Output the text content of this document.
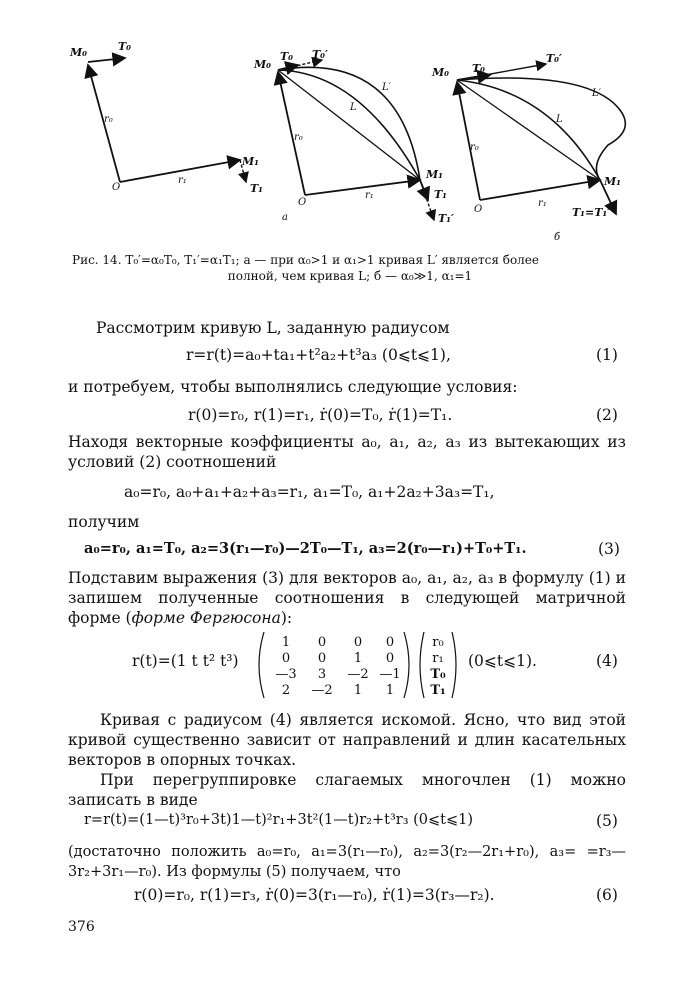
M₀	T₀
r₀
O
r₁
M₁
T₁
M₀
T₀ T₀′
L′
L
r₀
O
r₁
M₁
T₁
T₁′
а
M₀ T₀
T₀′
L′
L
r₀
O
r₁
M₁
T₁=T₁′
б
Рис. 14. T₀′=α₀T₀, T₁′=α₁T₁; а — при α₀>1 и α₁>1 кривая L′ является более
полной, чем кривая L; б — α₀≫1, α₁=1
Рассмотрим кривую L, заданную радиусом
r=r(t)=a₀+ta₁+t²a₂+t³a₃ (0⩽t⩽1),	(1)
и потребуем, чтобы выполнялись следующие условия:
r(0)=r₀, r(1)=r₁, ṙ(0)=T₀, ṙ(1)=T₁.	(2)
Находя векторные коэффициенты a₀, a₁, a₂, a₃ из вытекающих из условий (2) соотношений
a₀=r₀, a₀+a₁+a₂+a₃=r₁, a₁=T₀, a₁+2a₂+3a₃=T₁,
получим
a₀=r₀, a₁=T₀, a₂=3(r₁—r₀)—2T₀—T₁, a₃=2(r₀—r₁)+T₀+T₁.	(3)
Подставим выражения (3) для векторов a₀, a₁, a₂, a₃ в формулу (1) и запишем полученные соотношения в следующей матричной форме (форме Фергюсона):
r(t)=(1 t t² t³)
1 0 0 0
0 0 1 0
—3 3 —2 —1
2 —2 1 1
r₀
r₁
T₀
T₁
(0⩽t⩽1).	(4)
Кривая с радиусом (4) является искомой. Ясно, что вид этой кривой существенно зависит от направлений и длин касательных векторов в опорных точках.
При перегруппировке слагаемых многочлен (1) можно записать в виде
r=r(t)=(1—t)³r₀+3t)1—t)²r₁+3t²(1—t)r₂+t³r₃ (0⩽t⩽1)	(5)
(достаточно положить a₀=r₀, a₁=3(r₁—r₀), a₂=3(r₂—2r₁+r₀), a₃= =r₃—3r₂+3r₁—r₀). Из формулы (5) получаем, что
r(0)=r₀, r(1)=r₃, ṙ(0)=3(r₁—r₀), ṙ(1)=3(r₃—r₂).	(6)
376
